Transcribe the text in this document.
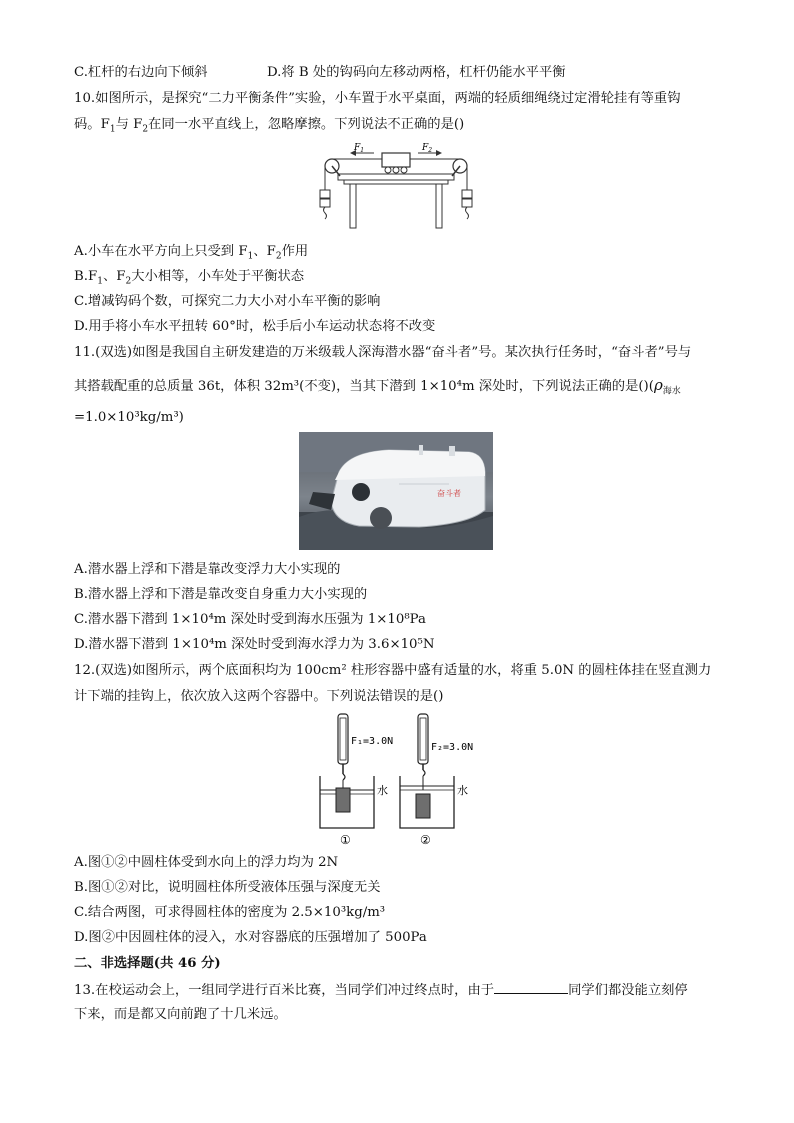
C.杠杆的右边向下倾斜	D.将 B 处的钩码向左移动两格，杠杆仍能水平平衡
10.如图所示，是探究“二力平衡条件”实验，小车置于水平桌面，两端的轻质细绳绕过定滑轮挂有等重钩
码。$F_1$与 $F_2$在同一水平直线上，忽略摩擦。下列说法不正确的是()
$F_1$	$F_2$
A.小车在水平方向上只受到 $F_1$、$F_2$作用
$B.F_1$、$F_2$大小相等，小车处于平衡状态
C.增减钩码个数，可探究二力大小对小车平衡的影响
D.用手将小车水平扭转 60°时，松手后小车运动状态将不改变
11.(双选)如图是我国自主研发建造的万米级载人深海潜水器“奋斗者”号。某次执行任务时，“奋斗者”号与
其搭载配重的总质量 36t，体积 32m³(不变)，当其下潜到 1×10⁴m 深处时，下列说法正确的是$()(\rho_{海水}$
=1.0×10³kg/m³)
奋斗者
A.潜水器上浮和下潜是靠改变浮力大小实现的
B.潜水器上浮和下潜是靠改变自身重力大小实现的
C.潜水器下潜到 1×10⁴m 深处时受到海水压强为 1×10⁸Pa
D.潜水器下潜到 1×10⁴m 深处时受到海水浮力为 3.6×10⁵N
12.(双选)如图所示，两个底面积均为 100cm² 柱形容器中盛有适量的水，将重 5.0N 的圆柱体挂在竖直测力
计下端的挂钩上，依次放入这两个容器中。下列说法错误的是()
F₁=3.0N
水
①
F₂=3.0N
水
②
A.图①②中圆柱体受到水向上的浮力均为 2N
B.图①②对比，说明圆柱体所受液体压强与深度无关
C.结合两图，可求得圆柱体的密度为 2.5×10³kg/m³
D.图②中因圆柱体的浸入，水对容器底的压强增加了 500Pa
二、非选择题(共 46 分)
13.在校运动会上，一组同学进行百米比赛，当同学们冲过终点时，由于	同学们都没能立刻停
下来，而是都又向前跑了十几米远。
